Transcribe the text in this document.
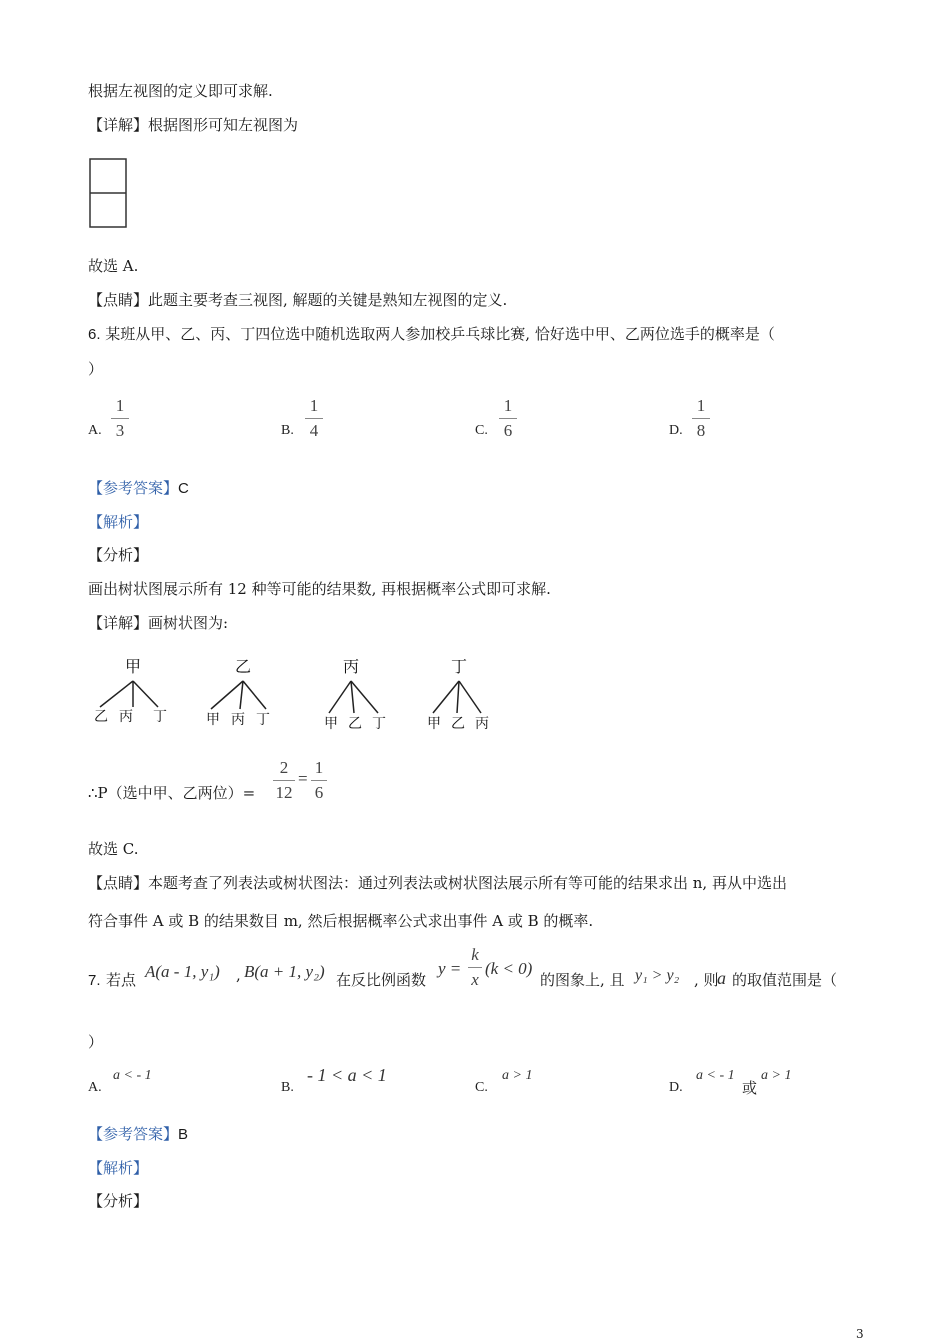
根据左视图的定义即可求解.
【详解】根据图形可知左视图为
故选 A.
【点睛】此题主要考查三视图, 解题的关键是熟知左视图的定义.
6. 某班从甲、乙、丙、丁四位选中随机选取两人参加校乒乓球比赛, 恰好选中甲、乙两位选手的概率是（
）
A.
1
3	B.
1
4	C.
1
6	D.
1
8
【参考答案】C
【解析】
【分析】
画出树状图展示所有 12 种等可能的结果数, 再根据概率公式即可求解.
【详解】画树状图为:
甲
乙 丙 丁
乙
甲 丙 丁
丙
甲 乙 丁
丁
甲 乙 丙
∴P（选中甲、乙两位）=
2
12
=
1
6
故选 C.
【点睛】本题考查了列表法或树状图法：通过列表法或树状图法展示所有等可能的结果求出 n, 再从中选出
符合事件 A 或 B 的结果数目 m, 然后根据概率公式求出事件 A 或 B 的概率.
7. 若点 A(a - 1, y₁) , B(a + 1, y₂) 在反比例函数
y =
k
x
(k < 0)
的图象上, 且 y₁ > y₂ , 则
a 的取值范围是（
）
A.
a < - 1
B.
- 1 < a < 1
C.
a > 1
D.
a < - 1
或
a > 1
【参考答案】B
【解析】
【分析】
3
